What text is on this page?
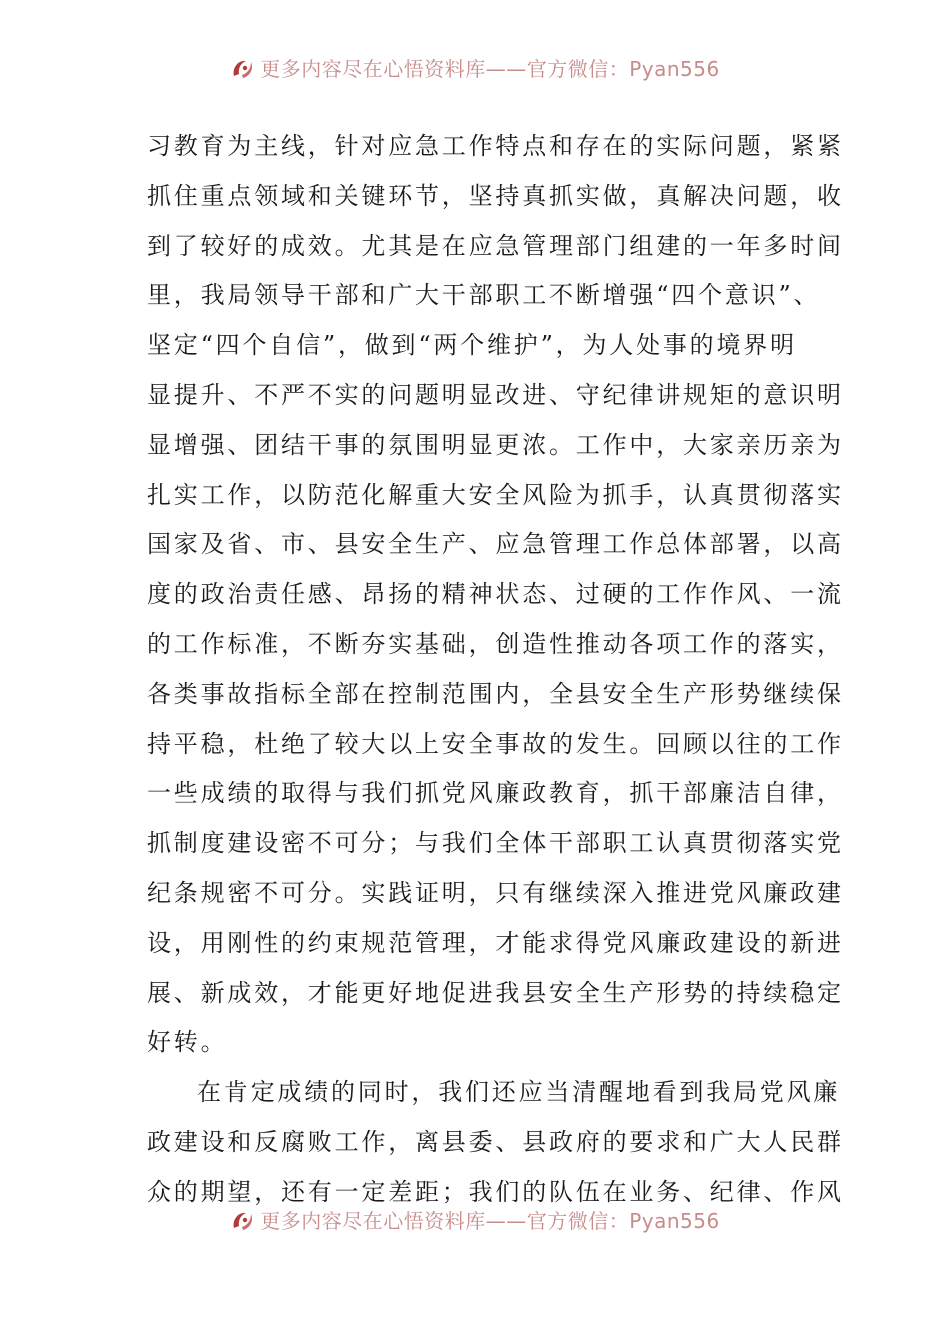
更多内容尽在心悟资料库——官方微信：Pyan556
习教育为主线，针对应急工作特点和存在的实际问题，紧紧
抓住重点领域和关键环节，坚持真抓实做，真解决问题，收
到了较好的成效。尤其是在应急管理部门组建的一年多时间
里，我局领导干部和广大干部职工不断增强“四个意识”、
坚定“四个自信”，做到“两个维护”，为人处事的境界明
显提升、不严不实的问题明显改进、守纪律讲规矩的意识明
显增强、团结干事的氛围明显更浓。工作中，大家亲历亲为
扎实工作，以防范化解重大安全风险为抓手，认真贯彻落实
国家及省、市、县安全生产、应急管理工作总体部署，以高
度的政治责任感、昂扬的精神状态、过硬的工作作风、一流
的工作标准，不断夯实基础，创造性推动各项工作的落实，
各类事故指标全部在控制范围内，全县安全生产形势继续保
持平稳，杜绝了较大以上安全事故的发生。回顾以往的工作
一些成绩的取得与我们抓党风廉政教育，抓干部廉洁自律，
抓制度建设密不可分；与我们全体干部职工认真贯彻落实党
纪条规密不可分。实践证明，只有继续深入推进党风廉政建
设，用刚性的约束规范管理，才能求得党风廉政建设的新进
展、新成效，才能更好地促进我县安全生产形势的持续稳定
好转。
在肯定成绩的同时，我们还应当清醒地看到我局党风廉
政建设和反腐败工作，离县委、县政府的要求和广大人民群
众的期望，还有一定差距；我们的队伍在业务、纪律、作风
更多内容尽在心悟资料库——官方微信：Pyan556
